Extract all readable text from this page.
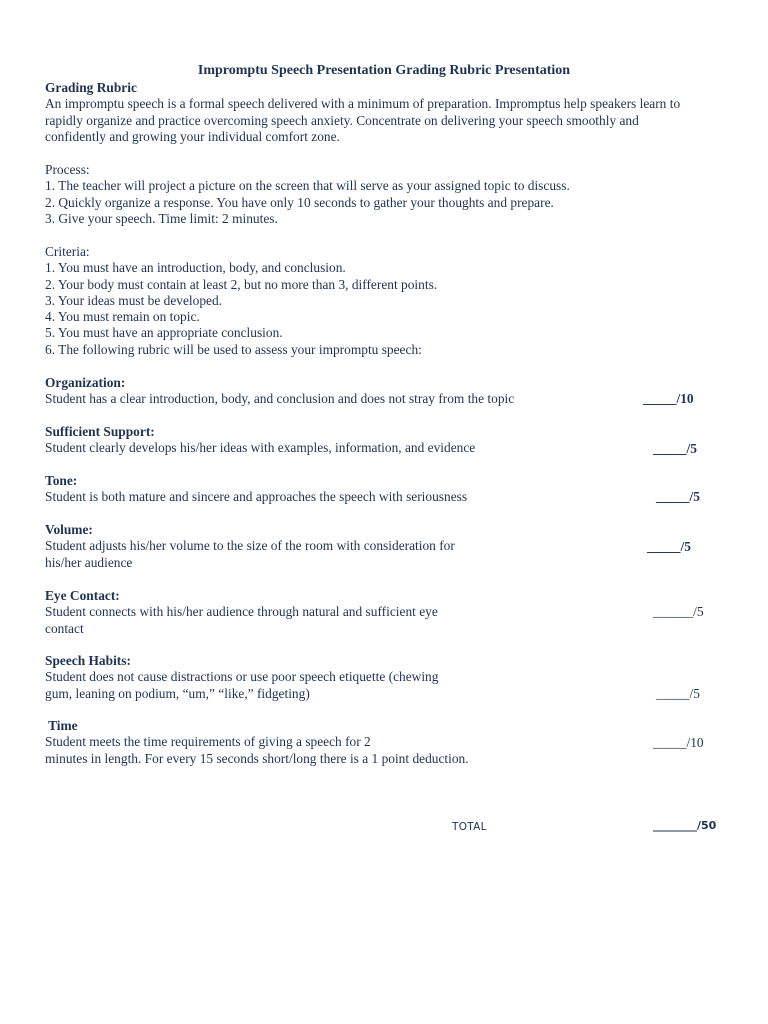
Impromptu Speech Presentation Grading Rubric Presentation
Grading Rubric
An impromptu speech is a formal speech delivered with a minimum of preparation. Impromptus help speakers learn to
rapidly organize and practice overcoming speech anxiety. Concentrate on delivering your speech smoothly and
confidently and growing your individual comfort zone.
Process:
1. The teacher will project a picture on the screen that will serve as your assigned topic to discuss.
2. Quickly organize a response. You have only 10 seconds to gather your thoughts and prepare.
3. Give your speech. Time limit: 2 minutes.
Criteria:
1. You must have an introduction, body, and conclusion.
2. Your body must contain at least 2, but no more than 3, different points.
3. Your ideas must be developed.
4. You must remain on topic.
5. You must have an appropriate conclusion.
6. The following rubric will be used to assess your impromptu speech:
Organization:
Student has a clear introduction, body, and conclusion and does not stray from the topic	_____/10
Sufficient Support:
Student clearly develops his/her ideas with examples, information, and evidence	_____/5
Tone:
Student is both mature and sincere and approaches the speech with seriousness	_____/5
Volume:
Student adjusts his/her volume to the size of the room with consideration for
his/her audience
_____/5
Eye Contact:
Student connects with his/her audience through natural and sufficient eye
contact
______/5
Speech Habits:
Student does not cause distractions or use poor speech etiquette (chewing
gum, leaning on podium, “um,” “like,” fidgeting)	_____/5
Time
Student meets the time requirements of giving a speech for 2
minutes in length. For every 15 seconds short/long there is a 1 point deduction.
_____/10
TOTAL	________/50
